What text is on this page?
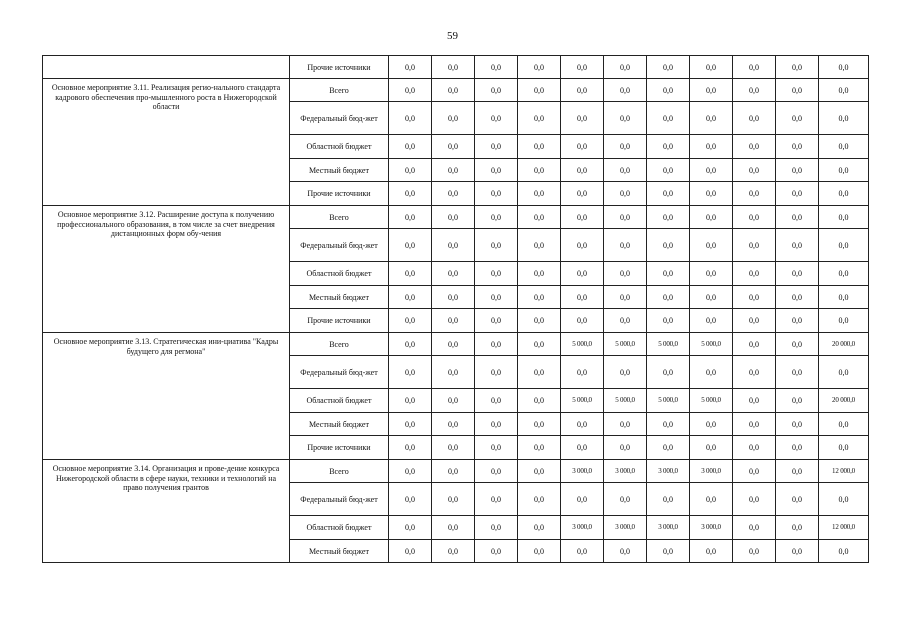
59
	Прочие источники	0,0	0,0	0,0	0,0	0,0	0,0	0,0	0,0	0,0	0,0	0,0
Основное мероприятие 3.11. Реализация регио-нального стандарта кадрового обеспечения про-мышленного роста в Нижегородской области	Всего	0,0	0,0	0,0	0,0	0,0	0,0	0,0	0,0	0,0	0,0	0,0
	Федеральный бюд-жет	0,0	0,0	0,0	0,0	0,0	0,0	0,0	0,0	0,0	0,0	0,0
	Областной бюджет	0,0	0,0	0,0	0,0	0,0	0,0	0,0	0,0	0,0	0,0	0,0
	Местный бюджет	0,0	0,0	0,0	0,0	0,0	0,0	0,0	0,0	0,0	0,0	0,0
	Прочие источники	0,0	0,0	0,0	0,0	0,0	0,0	0,0	0,0	0,0	0,0	0,0
Основное мероприятие 3.12. Расширение доступа к получению профессионального образования, в том числе за счет внедрения дистанционных форм обу-чения	Всего	0,0	0,0	0,0	0,0	0,0	0,0	0,0	0,0	0,0	0,0	0,0
	Федеральный бюд-жет	0,0	0,0	0,0	0,0	0,0	0,0	0,0	0,0	0,0	0,0	0,0
	Областной бюджет	0,0	0,0	0,0	0,0	0,0	0,0	0,0	0,0	0,0	0,0	0,0
	Местный бюджет	0,0	0,0	0,0	0,0	0,0	0,0	0,0	0,0	0,0	0,0	0,0
	Прочие источники	0,0	0,0	0,0	0,0	0,0	0,0	0,0	0,0	0,0	0,0	0,0
Основное мероприятие 3.13. Стратегическая ини-циатива "Кадры будущего для регмона"	Всего	0,0	0,0	0,0	0,0	5 000,0	5 000,0	5 000,0	5 000,0	0,0	0,0	20 000,0
	Федеральный бюд-жет	0,0	0,0	0,0	0,0	0,0	0,0	0,0	0,0	0,0	0,0	0,0
	Областной бюджет	0,0	0,0	0,0	0,0	5 000,0	5 000,0	5 000,0	5 000,0	0,0	0,0	20 000,0
	Местный бюджет	0,0	0,0	0,0	0,0	0,0	0,0	0,0	0,0	0,0	0,0	0,0
	Прочие источники	0,0	0,0	0,0	0,0	0,0	0,0	0,0	0,0	0,0	0,0	0,0
Основное мероприятие 3.14. Организация и прове-дение конкурса Нижегородской области в сфере науки, техники и технологий на право получения грантов	Всего	0,0	0,0	0,0	0,0	3 000,0	3 000,0	3 000,0	3 000,0	0,0	0,0	12 000,0
	Федеральный бюд-жет	0,0	0,0	0,0	0,0	0,0	0,0	0,0	0,0	0,0	0,0	0,0
	Областной бюджет	0,0	0,0	0,0	0,0	3 000,0	3 000,0	3 000,0	3 000,0	0,0	0,0	12 000,0
	Местный бюджет	0,0	0,0	0,0	0,0	0,0	0,0	0,0	0,0	0,0	0,0	0,0
